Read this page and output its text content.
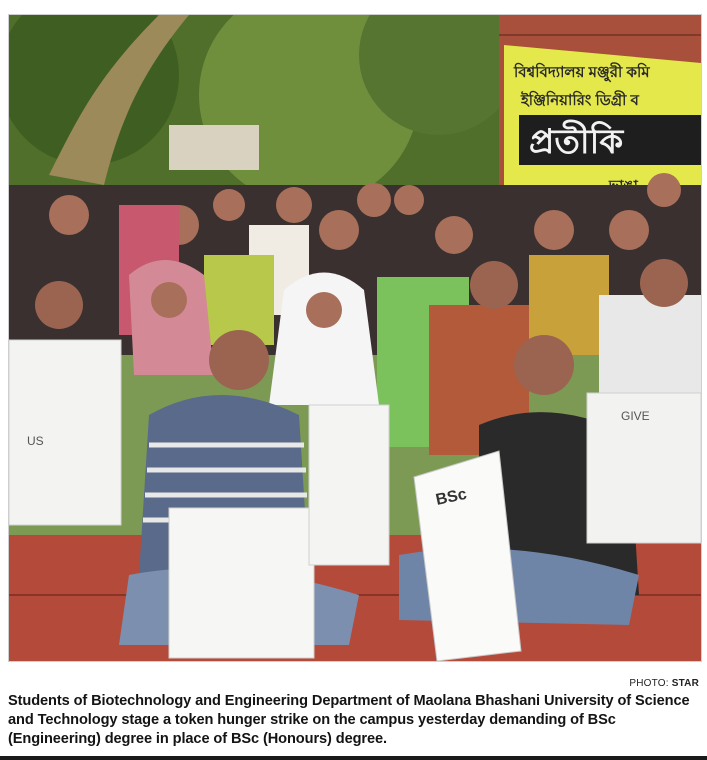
বিশ্ববিদ্যালয় মঞ্জুরী কমি
ইঞ্জিনিয়ারিং ডিগ্রী ব
প্রতীকি
US
BSc
GIVE
PHOTO: STAR

Students of Biotechnology and Engineering Department of Maolana Bhashani University of Science and Technology stage a token hunger strike on the campus yesterday demanding of BSc (Engineering) degree in place of BSc (Honours) degree.
